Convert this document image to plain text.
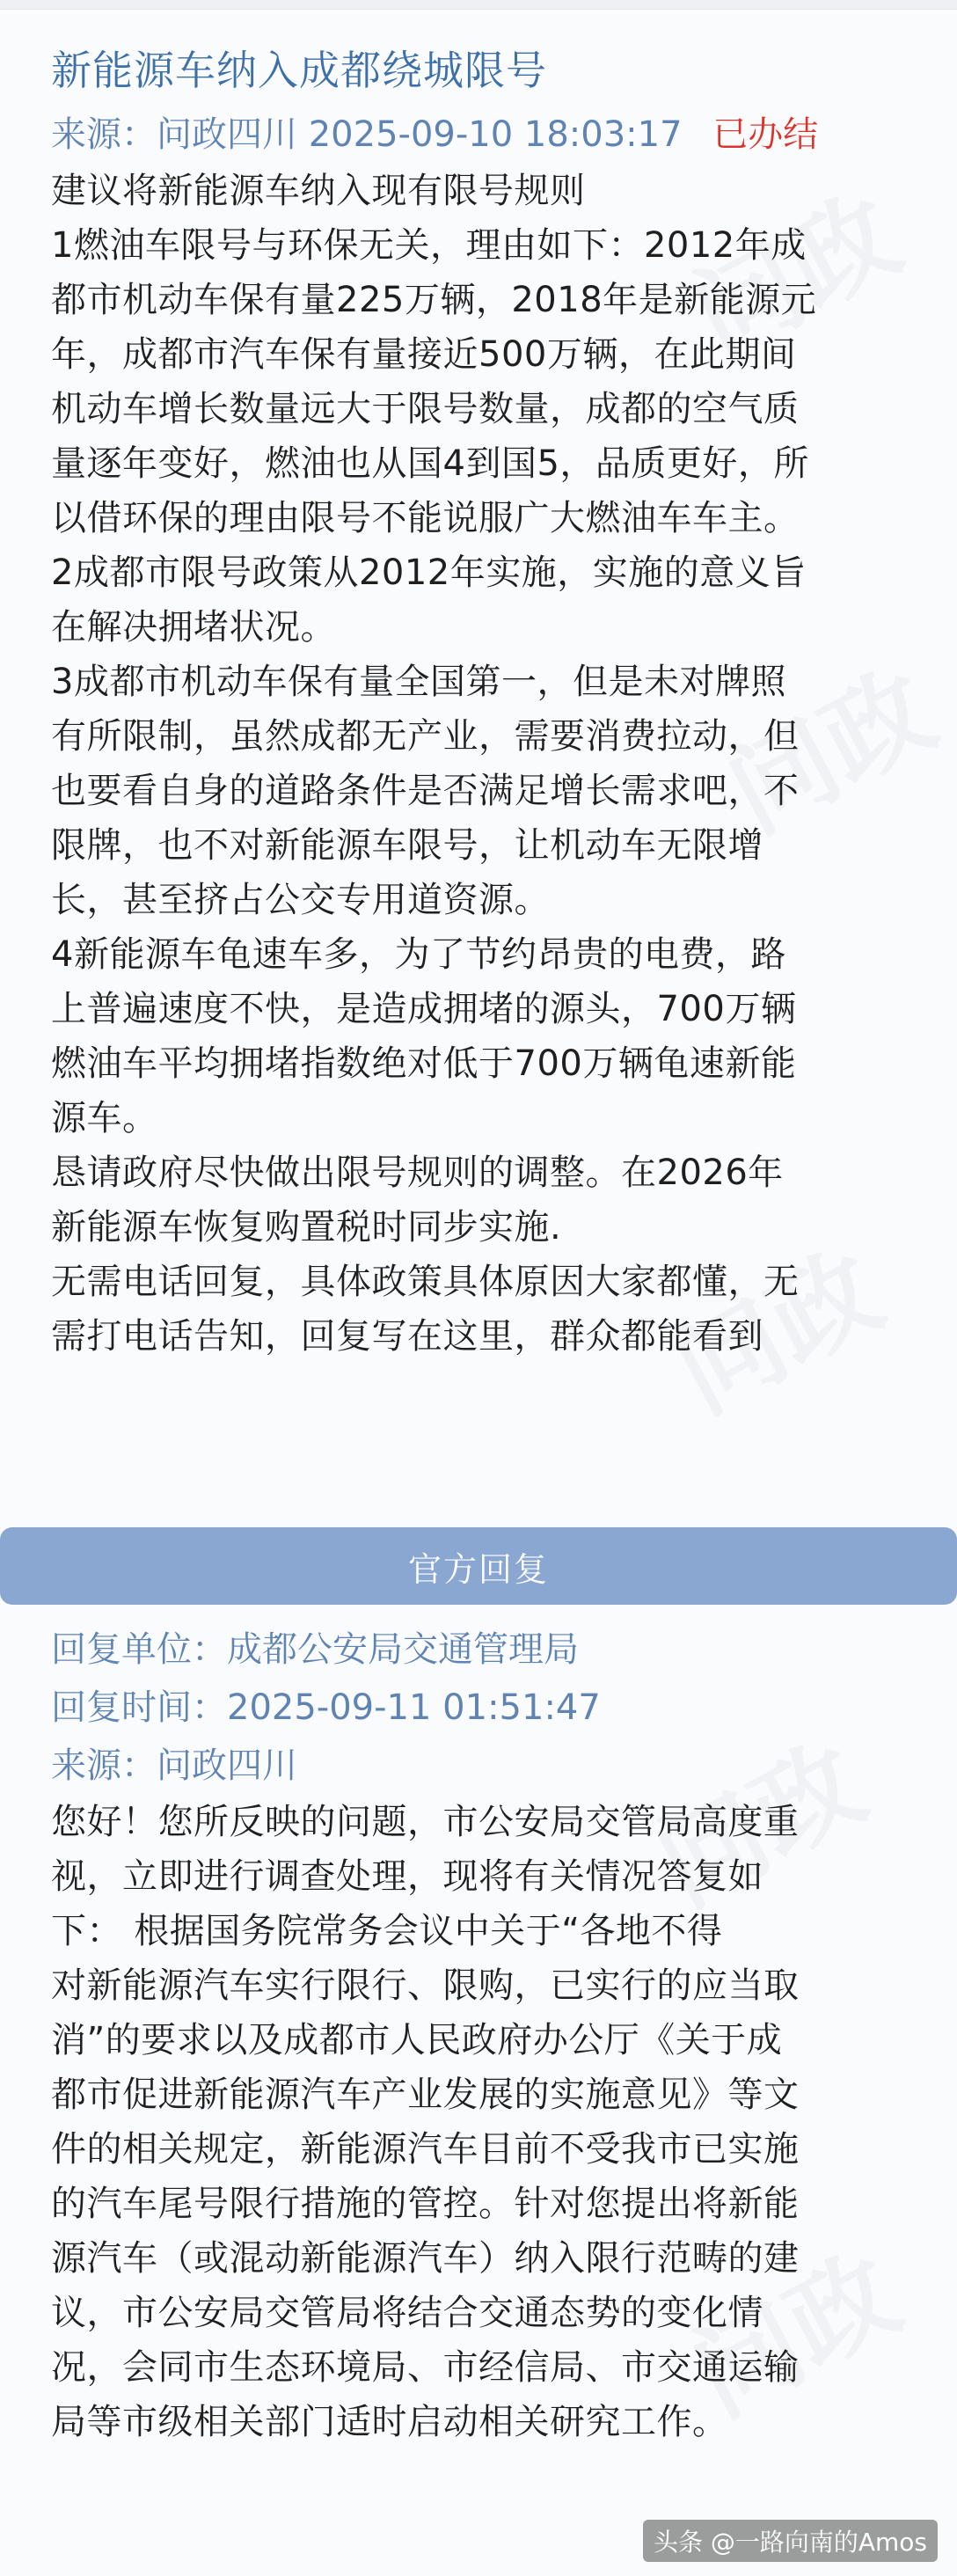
问政
问政
问政
问政
问政
新能源车纳入成都绕城限号
来源：问政四川 2025-09-10 18:03:17 已办结
建议将新能源车纳入现有限号规则
1燃油车限号与环保无关，理由如下：2012年成
都市机动车保有量225万辆，2018年是新能源元
年，成都市汽车保有量接近500万辆，在此期间
机动车增长数量远大于限号数量，成都的空气质
量逐年变好，燃油也从国4到国5，品质更好，所
以借环保的理由限号不能说服广大燃油车车主。
2成都市限号政策从2012年实施，实施的意义旨
在解决拥堵状况。
3成都市机动车保有量全国第一，但是未对牌照
有所限制，虽然成都无产业，需要消费拉动，但
也要看自身的道路条件是否满足增长需求吧，不
限牌，也不对新能源车限号，让机动车无限增
长，甚至挤占公交专用道资源。
4新能源车龟速车多，为了节约昂贵的电费，路
上普遍速度不快，是造成拥堵的源头，700万辆
燃油车平均拥堵指数绝对低于700万辆龟速新能
源车。
恳请政府尽快做出限号规则的调整。在2026年
新能源车恢复购置税时同步实施.
无需电话回复，具体政策具体原因大家都懂，无
需打电话告知，回复写在这里，群众都能看到
官方回复
回复单位：成都公安局交通管理局
回复时间：2025-09-11 01:51:47
来源：问政四川
您好！您所反映的问题，市公安局交管局高度重
视，立即进行调查处理，现将有关情况答复如
下： 根据国务院常务会议中关于“各地不得
对新能源汽车实行限行、限购，已实行的应当取
消”的要求以及成都市人民政府办公厅《关于成
都市促进新能源汽车产业发展的实施意见》等文
件的相关规定，新能源汽车目前不受我市已实施
的汽车尾号限行措施的管控。针对您提出将新能
源汽车（或混动新能源汽车）纳入限行范畴的建
议，市公安局交管局将结合交通态势的变化情
况，会同市生态环境局、市经信局、市交通运输
局等市级相关部门适时启动相关研究工作。
头条 @一路向南的Amos
